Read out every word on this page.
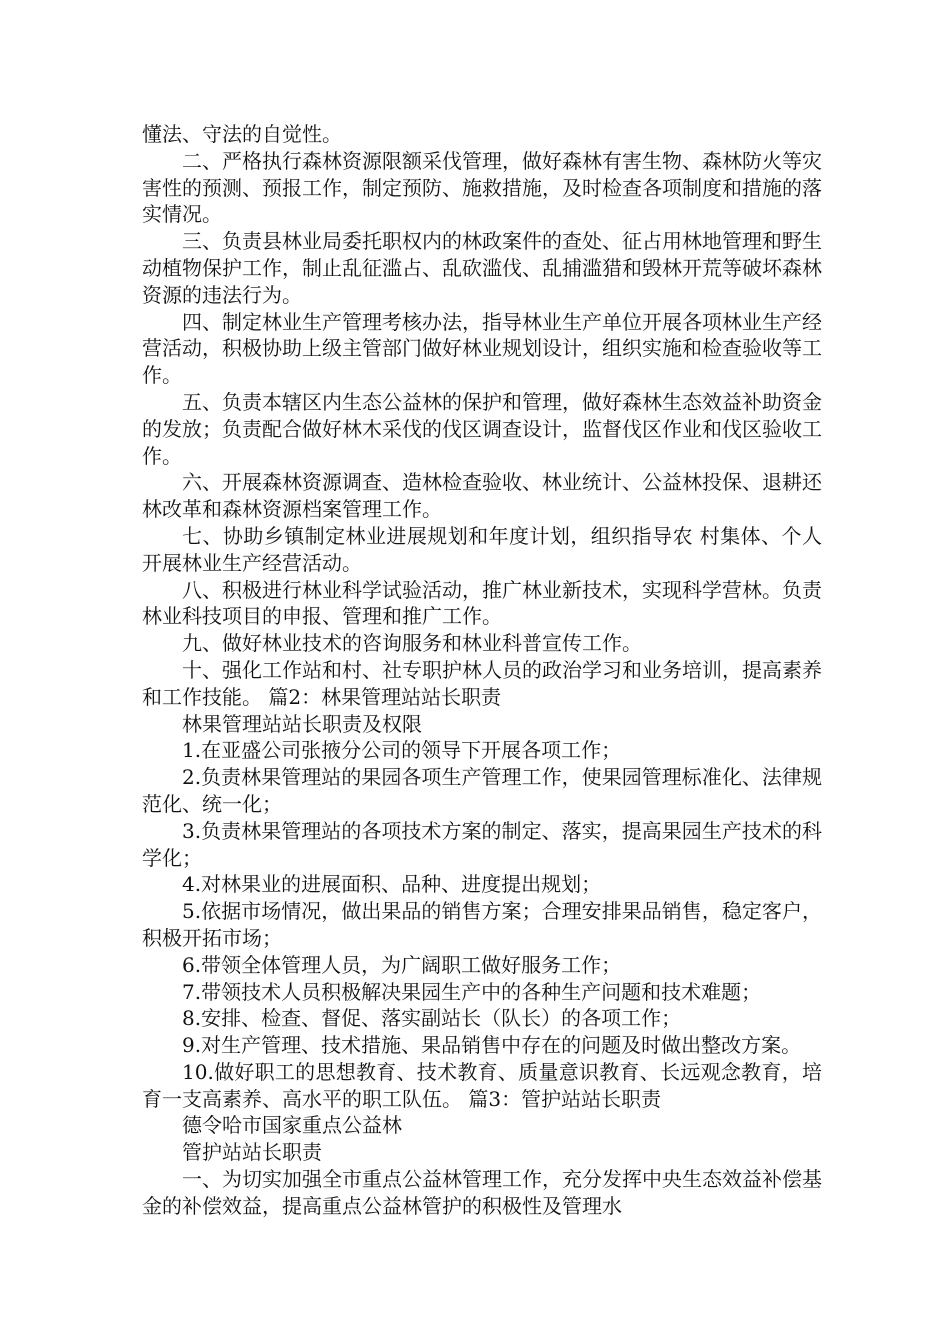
懂法、守法的自觉性。

二、严格执行森林资源限额采伐管理，做好森林有害生物、森林防火等灾害性的预测、预报工作，制定预防、施救措施，及时检查各项制度和措施的落实情况。

三、负责县林业局委托职权内的林政案件的查处、征占用林地管理和野生动植物保护工作，制止乱征滥占、乱砍滥伐、乱捕滥猎和毁林开荒等破坏森林资源的违法行为。

四、制定林业生产管理考核办法，指导林业生产单位开展各项林业生产经营活动，积极协助上级主管部门做好林业规划设计，组织实施和检查验收等工作。

五、负责本辖区内生态公益林的保护和管理，做好森林生态效益补助资金的发放；负责配合做好林木采伐的伐区调查设计，监督伐区作业和伐区验收工作。

六、开展森林资源调查、造林检查验收、林业统计、公益林投保、退耕还林改革和森林资源档案管理工作。

七、协助乡镇制定林业进展规划和年度计划，组织指导农 村集体、个人开展林业生产经营活动。

八、积极进行林业科学试验活动，推广林业新技术，实现科学营林。负责林业科技项目的申报、管理和推广工作。

九、做好林业技术的咨询服务和林业科普宣传工作。

十、强化工作站和村、社专职护林人员的政治学习和业务培训，提高素养和工作技能。 篇2：林果管理站站长职责

林果管理站站长职责及权限

1.在亚盛公司张掖分公司的领导下开展各项工作；

2.负责林果管理站的果园各项生产管理工作，使果园管理标准化、法律规范化、统一化；

3.负责林果管理站的各项技术方案的制定、落实，提高果园生产技术的科学化；

4.对林果业的进展面积、品种、进度提出规划；

5.依据市场情况，做出果品的销售方案；合理安排果品销售，稳定客户，积极开拓市场；

6.带领全体管理人员，为广阔职工做好服务工作；

7.带领技术人员积极解决果园生产中的各种生产问题和技术难题；

8.安排、检查、督促、落实副站长（队长）的各项工作；

9.对生产管理、技术措施、果品销售中存在的问题及时做出整改方案。

10.做好职工的思想教育、技术教育、质量意识教育、长远观念教育，培育一支高素养、高水平的职工队伍。 篇3：管护站站长职责

德令哈市国家重点公益林

管护站站长职责

一、为切实加强全市重点公益林管理工作，充分发挥中央生态效益补偿基金的补偿效益，提高重点公益林管护的积极性及管理水
